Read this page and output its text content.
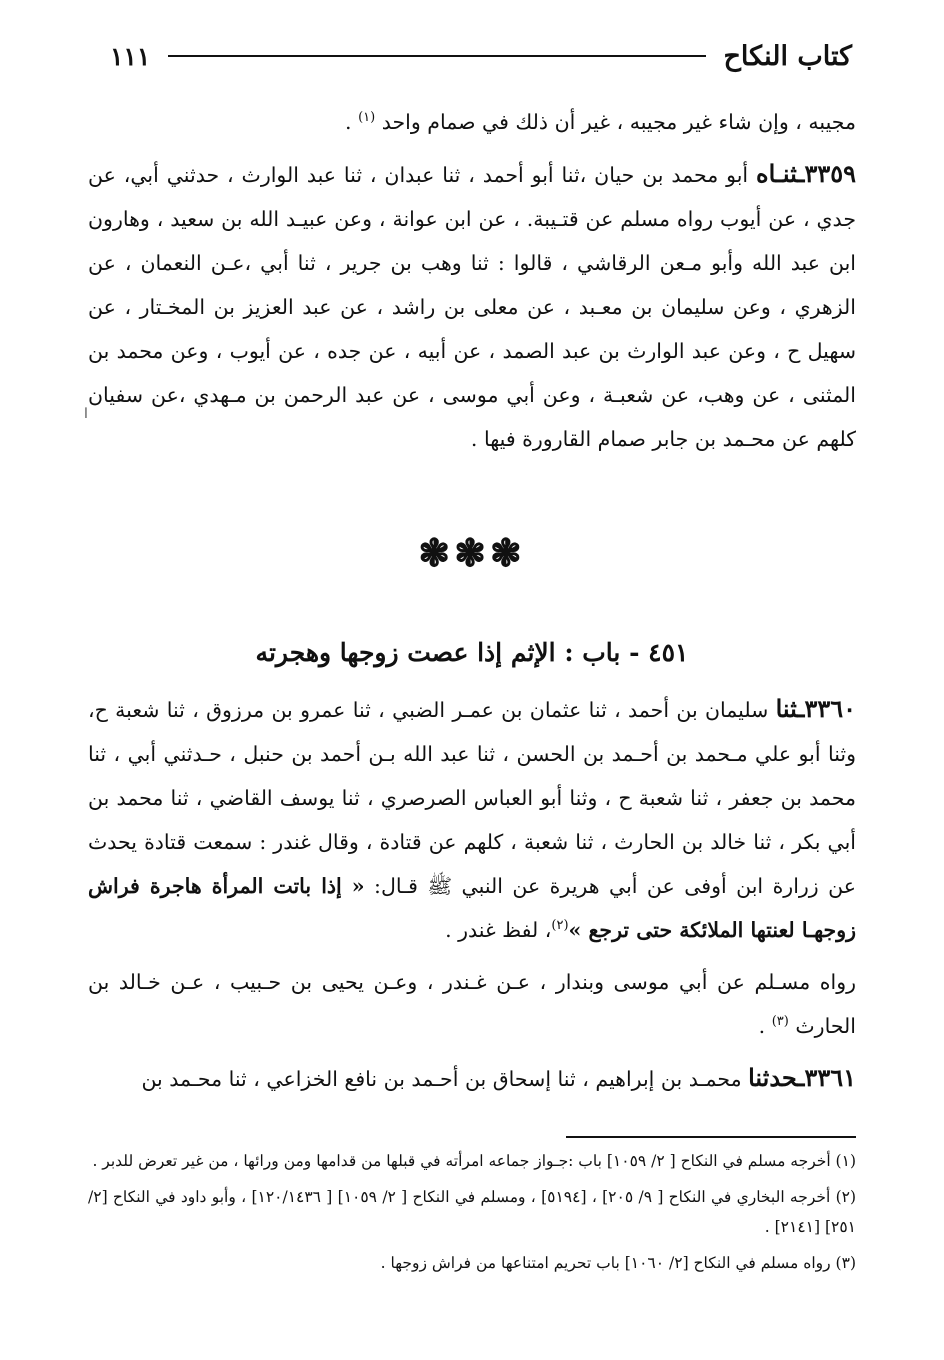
كتاب النكاح
١١١

مجيبه ، وإن شاء غير مجيبه ، غير أن ذلك في صمام واحد $^{(١)}$ .

٣٣٥٩ـثنـاه أبو محمد بن حيان ،ثنا أبو أحمد ، ثنا عبدان ، ثنا عبد الوارث ، حدثني أبي، عن جدي ، عن أيوب رواه مسلم عن قتـيبة. ، عن ابن عوانة ، وعن عبيـد الله بن سعيد ، وهارون ابن عبد الله وأبو مـعن الرقاشي ، قالوا : ثنا وهب بن جرير ، ثنا أبي ،عـن النعمان ، عن الزهري ، وعن سليمان بن معـبد ، عن معلى بن راشد ، عن عبد العزيز بن المخـتار ، عن سهيل ح ، وعن عبد الوارث بن عبد الصمد ، عن أبيه ، عن جده ، عن أيوب ، وعن محمد بن المثنى ، عن وهب، عن شعبـة ، وعن أبي موسى ، عن عبد الرحمن بن مـهدي ،عن سفيان كلهم عن محـمد بن جابر صمام القارورة فيها .

❃❃❃
٤٥١ - باب : الإثم إذا عصت زوجها وهجرته

٣٣٦٠ـثنا سليمان بن أحمد ، ثنا عثمان بن عمـر الضبي ، ثنا عمرو بن مرزوق ، ثنا شعبة ح، وثنا أبو علي مـحمد بن أحـمد بن الحسن ، ثنا عبد الله بـن أحمد بن حنبل ، حـدثني أبي ، ثنا محمد بن جعفر ، ثنا شعبة ح ، وثنا أبو العباس الصرصري ، ثنا يوسف القاضي ، ثنا محمد بن أبي بكر ، ثنا خالد بن الحارث ، ثنا شعبة ، كلهم عن قتادة ، وقال غندر : سمعت قتادة يحدث عن زرارة ابن أوفى عن أبي هريرة عن النبي ﷺ قـال: « إذا باتت المرأة هاجرة فراش زوجهـا لعنتها الملائكة حتى ترجع »$^{(٢)}$، لفظ غندر .

رواه مسـلم عن أبي موسى وبندار ، عـن غـندر ، وعـن يحيى بن حـبيب ، عـن خـالد بن الحارث $^{(٣)}$ .

٣٣٦١ـحدثنا محمـد بن إبراهيم ، ثنا إسحاق بن أحـمد بن نافع الخزاعي ، ثنا محـمد بن

(١) أخرجه مسلم في النكاح [ ٢/ ١٠٥٩] باب :جـواز جماعه امرأته في قبلها من قدامها ومن ورائها ، من غير تعرض للدبر .

(٢) أخرجه البخاري في النكاح [ ٩/ ٢٠٥] ، [٥١٩٤] ، ومسلم في النكاح [ ٢/ ١٠٥٩] [ ١٢٠/١٤٣٦] ، وأبو داود في النكاح [٢/ ٢٥١] [٢١٤١] .

(٣) رواه مسلم في النكاح [٢/ ١٠٦٠] باب تحريم امتناعها من فراش زوجها .

ﺍ
